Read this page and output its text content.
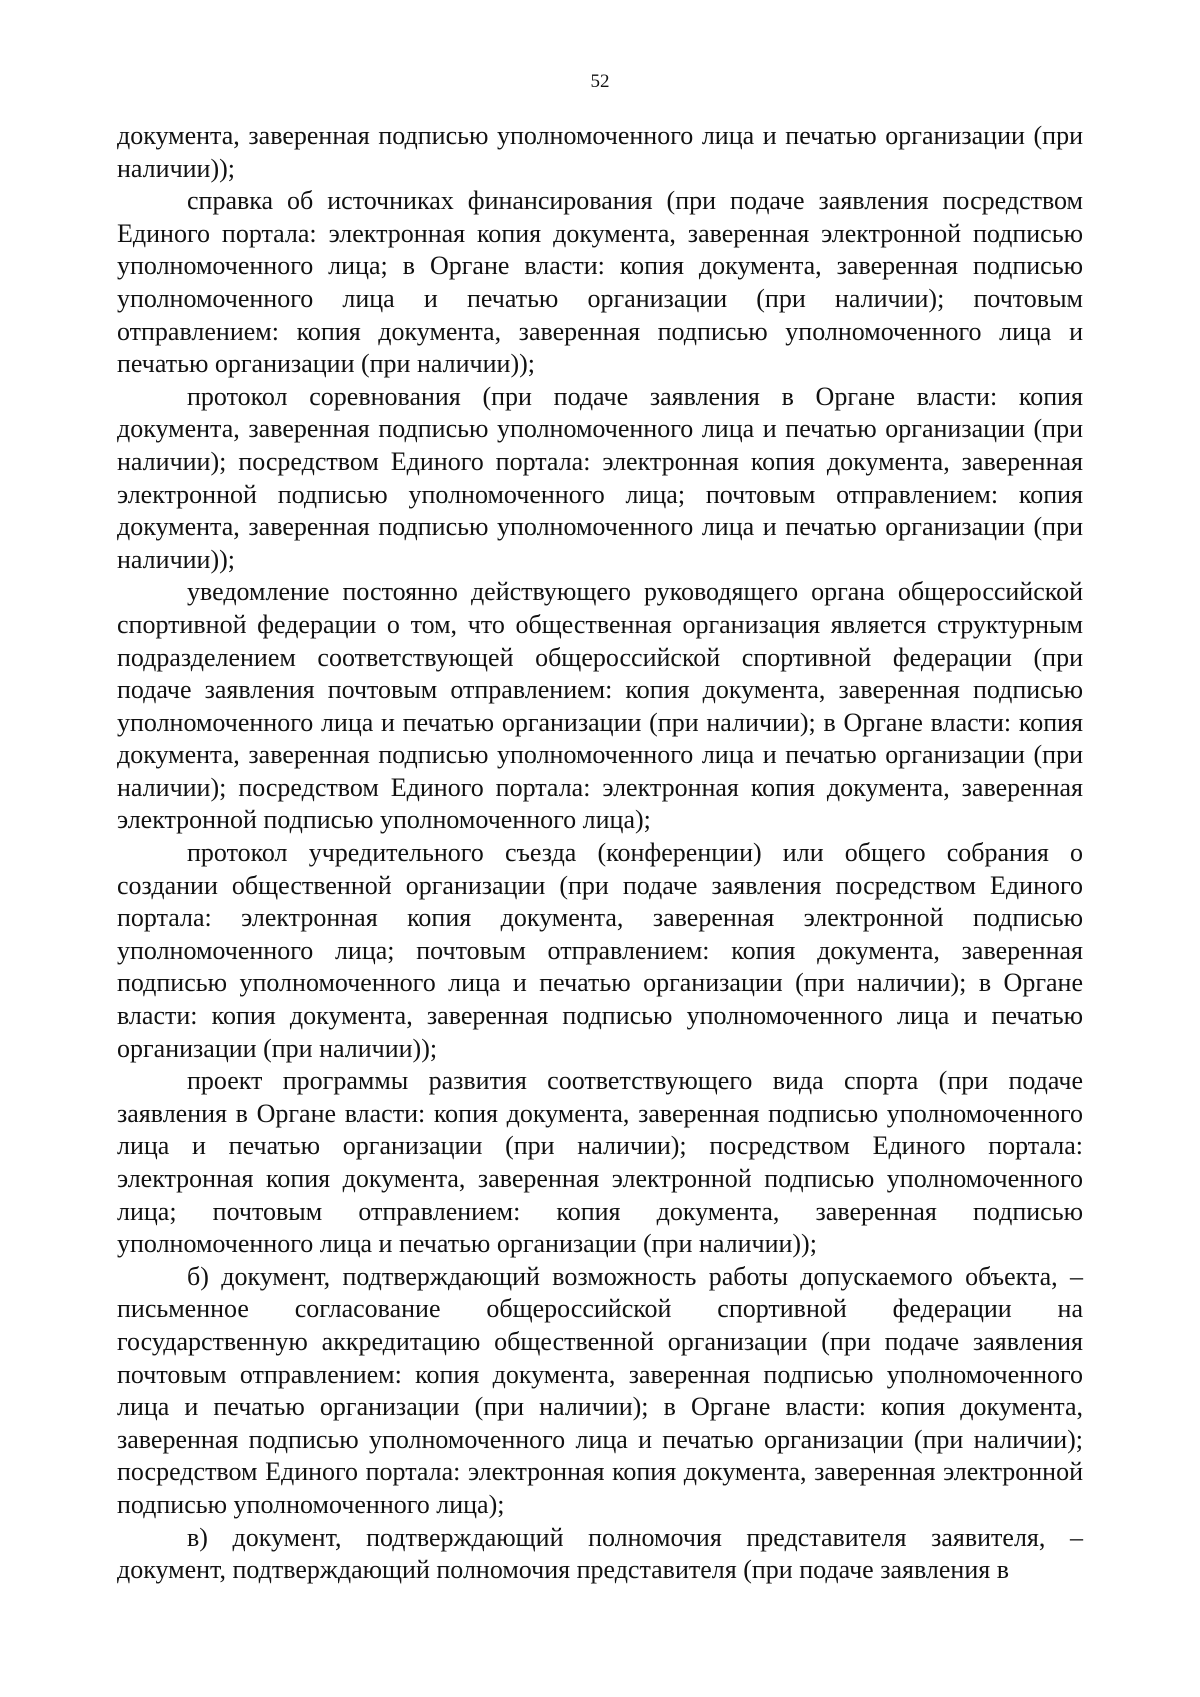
52

документа, заверенная подписью уполномоченного лица и печатью организации (при наличии));

справка об источниках финансирования (при подаче заявления посредством Единого портала: электронная копия документа, заверенная электронной подписью уполномоченного лица; в Органе власти: копия документа, заверенная подписью уполномоченного лица и печатью организации (при наличии); почтовым отправлением: копия документа, заверенная подписью уполномоченного лица и печатью организации (при наличии));

протокол соревнования (при подаче заявления в Органе власти: копия документа, заверенная подписью уполномоченного лица и печатью организации (при наличии); посредством Единого портала: электронная копия документа, заверенная электронной подписью уполномоченного лица; почтовым отправлением: копия документа, заверенная подписью уполномоченного лица и печатью организации (при наличии));

уведомление постоянно действующего руководящего органа общероссийской спортивной федерации о том, что общественная организация является структурным подразделением соответствующей общероссийской спортивной федерации (при подаче заявления почтовым отправлением: копия документа, заверенная подписью уполномоченного лица и печатью организации (при наличии); в Органе власти: копия документа, заверенная подписью уполномоченного лица и печатью организации (при наличии); посредством Единого портала: электронная копия документа, заверенная электронной подписью уполномоченного лица);

протокол учредительного съезда (конференции) или общего собрания о создании общественной организации (при подаче заявления посредством Единого портала: электронная копия документа, заверенная электронной подписью уполномоченного лица; почтовым отправлением: копия документа, заверенная подписью уполномоченного лица и печатью организации (при наличии); в Органе власти: копия документа, заверенная подписью уполномоченного лица и печатью организации (при наличии));

проект программы развития соответствующего вида спорта (при подаче заявления в Органе власти: копия документа, заверенная подписью уполномоченного лица и печатью организации (при наличии); посредством Единого портала: электронная копия документа, заверенная электронной подписью уполномоченного лица; почтовым отправлением: копия документа, заверенная подписью уполномоченного лица и печатью организации (при наличии));

б) документ, подтверждающий возможность работы допускаемого объекта, – письменное согласование общероссийской спортивной федерации на государственную аккредитацию общественной организации (при подаче заявления почтовым отправлением: копия документа, заверенная подписью уполномоченного лица и печатью организации (при наличии); в Органе власти: копия документа, заверенная подписью уполномоченного лица и печатью организации (при наличии); посредством Единого портала: электронная копия документа, заверенная электронной подписью уполномоченного лица);

в) документ, подтверждающий полномочия представителя заявителя, – документ, подтверждающий полномочия представителя (при подаче заявления в
